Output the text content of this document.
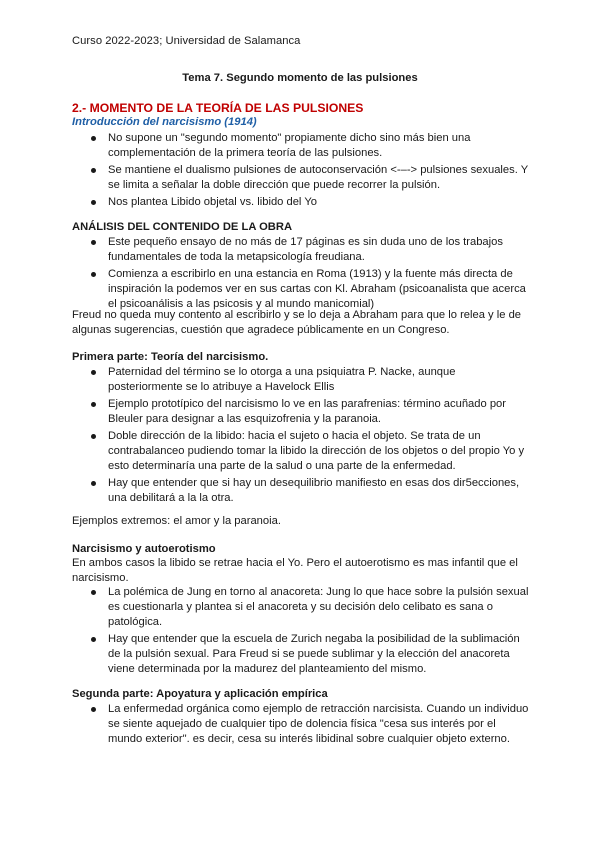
Curso 2022-2023; Universidad de Salamanca
Tema 7. Segundo momento de las pulsiones
2.- MOMENTO DE LA TEORÍA DE LAS PULSIONES
Introducción del narcisismo (1914)
No supone un "segundo momento" propiamente dicho sino más bien una complementación de la primera teoría de las pulsiones.
Se mantiene el dualismo pulsiones de autoconservación <-‒-> pulsiones sexuales. Y se limita a señalar la doble dirección que puede recorrer la pulsión.
Nos plantea Libido objetal vs. libido del Yo
ANÁLISIS DEL CONTENIDO DE LA OBRA
Este pequeño ensayo de no más de 17 páginas es sin duda uno de los trabajos fundamentales de toda la metapsicología freudiana.
Comienza a escribirlo en una estancia en Roma (1913) y la fuente más directa de inspiración la podemos ver en sus cartas con Kl. Abraham (psicoanalista que acerca el psicoanálisis a las psicosis y al mundo manicomial)
Freud no queda muy contento al escribirlo y se lo deja a Abraham para que lo relea y le de algunas sugerencias, cuestión que agradece públicamente en un Congreso.
Primera parte: Teoría del narcisismo.
Paternidad del término se lo otorga a una psiquiatra P. Nacke, aunque posteriormente se lo atribuye a Havelock Ellis
Ejemplo prototípico del narcisismo lo ve en las parafrenias: término acuñado por Bleuler para designar a las esquizofrenia y la paranoia.
Doble dirección de la libido: hacia el sujeto o hacia el objeto. Se trata de un contrabalanceo pudiendo tomar la libido la dirección de los objetos o del propio Yo y esto determinaría una parte de la salud o una parte de la enfermedad.
Hay que entender que si hay un desequilibrio manifiesto en esas dos dir5ecciones, una debilitará a la la otra.
Ejemplos extremos: el amor y la paranoia.
Narcisismo y autoerotismo
En ambos casos la libido se retrae hacia el Yo. Pero el autoerotismo es mas infantil que el narcisismo.
La polémica de Jung en torno al anacoreta: Jung lo que hace sobre la pulsión sexual es cuestionarla y plantea si el anacoreta y su decisión delo celibato es sana o patológica.
Hay que entender que la escuela de Zurich negaba la posibilidad de la sublimación de la pulsión sexual. Para Freud si se puede sublimar y la elección del anacoreta viene determinada por la madurez del planteamiento del mismo.
Segunda parte: Apoyatura y aplicación empírica
La enfermedad orgánica como ejemplo de retracción narcisista. Cuando un individuo se siente aquejado de cualquier tipo de dolencia física "cesa sus interés por el mundo exterior". es decir, cesa su interés libidinal sobre cualquier objeto externo.
